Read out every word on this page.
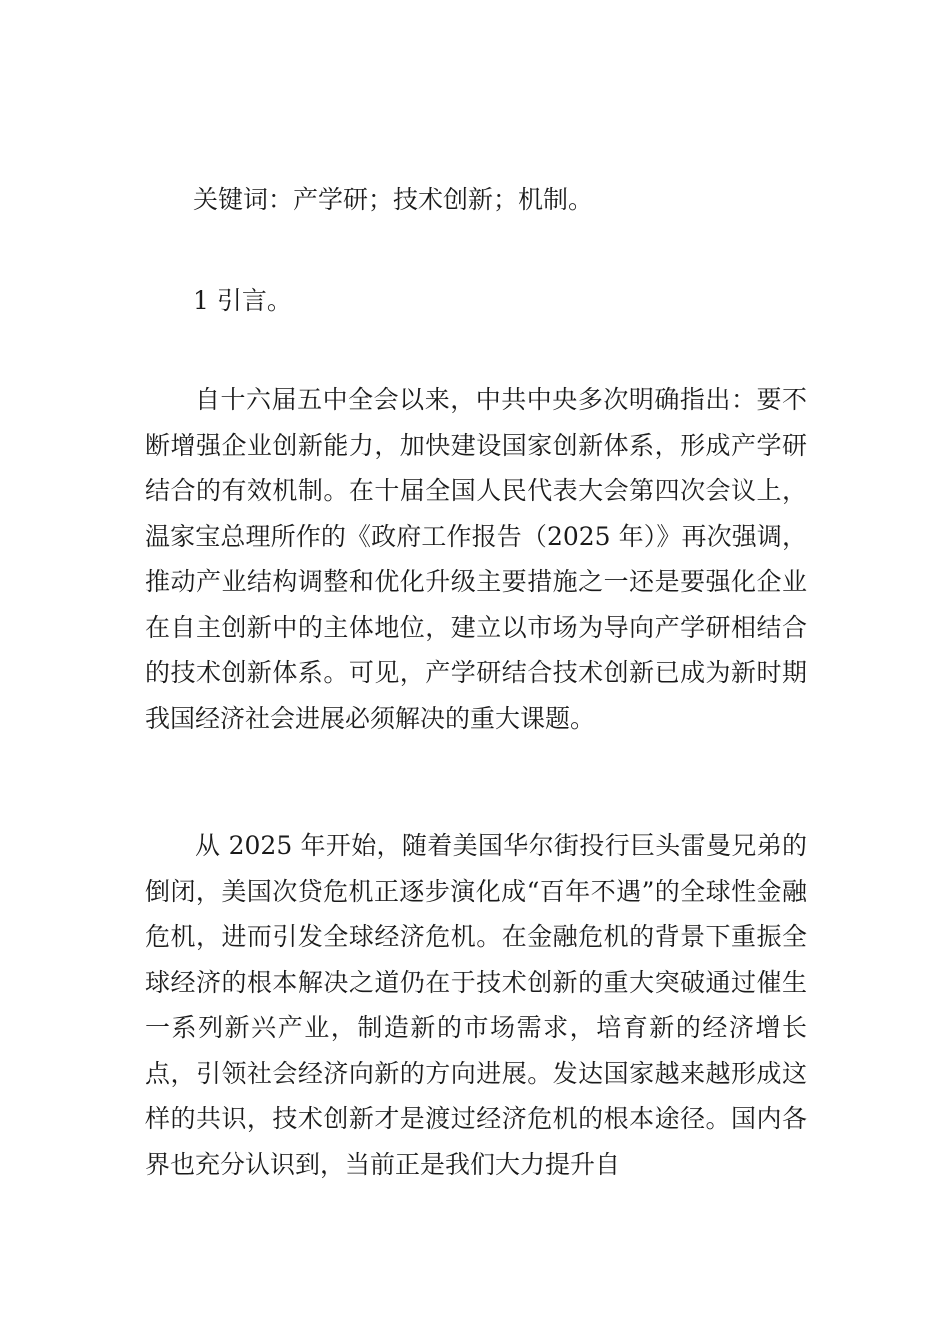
关键词：产学研；技术创新；机制。
1 引言。

自十六届五中全会以来，中共中央多次明确指出：要不断增强企业创新能力，加快建设国家创新体系，形成产学研结合的有效机制。在十届全国人民代表大会第四次会议上，温家宝总理所作的《政府工作报告（2025 年）》再次强调，推动产业结构调整和优化升级主要措施之一还是要强化企业在自主创新中的主体地位，建立以市场为导向产学研相结合的技术创新体系。可见，产学研结合技术创新已成为新时期我国经济社会进展必须解决的重大课题。

从 2025 年开始，随着美国华尔街投行巨头雷曼兄弟的倒闭，美国次贷危机正逐步演化成“百年不遇”的全球性金融危机，进而引发全球经济危机。在金融危机的背景下重振全球经济的根本解决之道仍在于技术创新的重大突破通过催生一系列新兴产业，制造新的市场需求，培育新的经济增长点，引领社会经济向新的方向进展。发达国家越来越形成这样的共识，技术创新才是渡过经济危机的根本途径。国内各界也充分认识到，当前正是我们大力提升自
